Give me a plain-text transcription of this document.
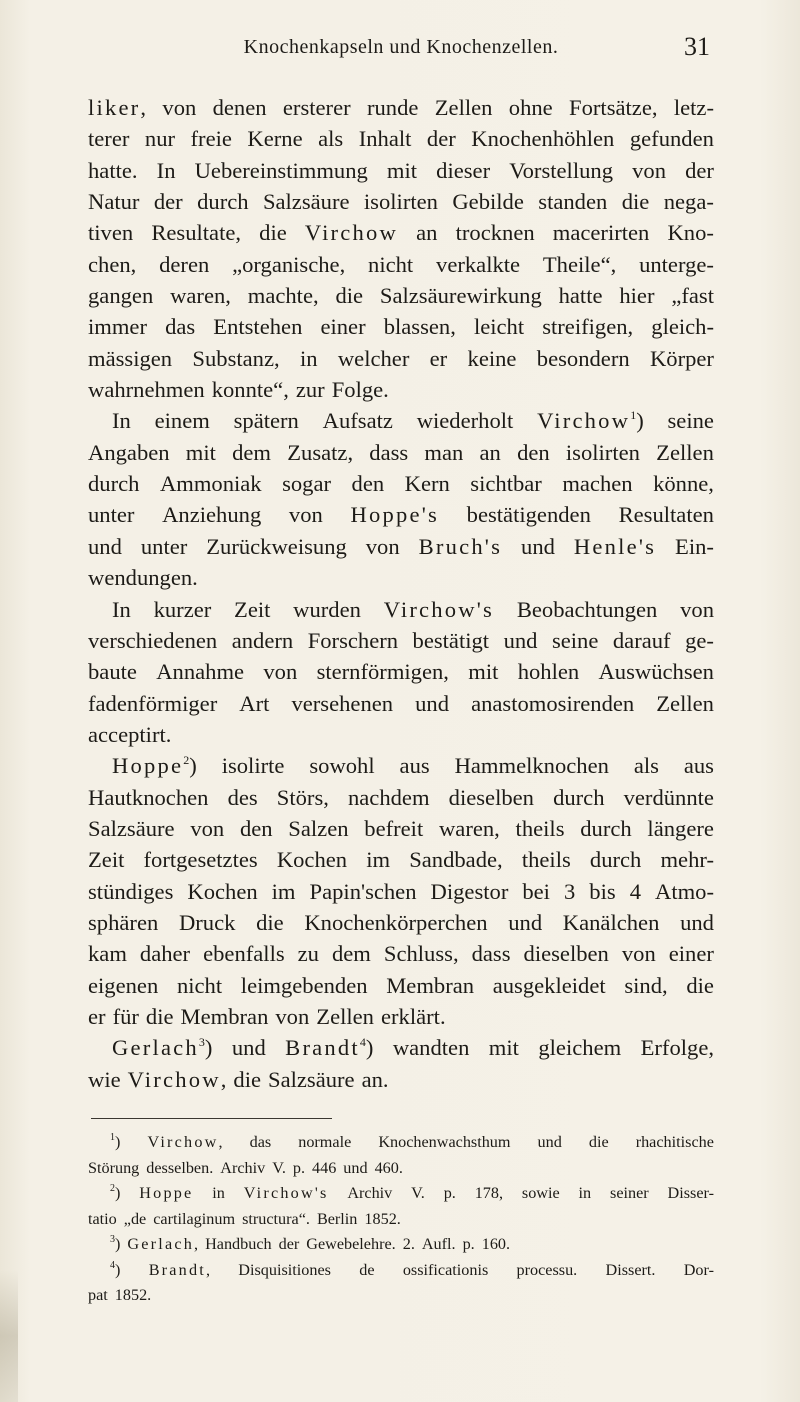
Knochenkapseln und Knochenzellen.	31
liker, von denen ersterer runde Zellen ohne Fortsätze, letz-
terer nur freie Kerne als Inhalt der Knochenhöhlen gefunden
hatte. In Uebereinstimmung mit dieser Vorstellung von der
Natur der durch Salzsäure isolirten Gebilde standen die nega-
tiven Resultate, die Virchow an trocknen macerirten Kno-
chen, deren „organische, nicht verkalkte Theile“, unterge-
gangen waren, machte, die Salzsäurewirkung hatte hier „fast
immer das Entstehen einer blassen, leicht streifigen, gleich-
mässigen Substanz, in welcher er keine besondern Körper
wahrnehmen konnte“, zur Folge.
In einem spätern Aufsatz wiederholt Virchow$^1$) seine
Angaben mit dem Zusatz, dass man an den isolirten Zellen
durch Ammoniak sogar den Kern sichtbar machen könne,
unter Anziehung von Hoppe's bestätigenden Resultaten
und unter Zurückweisung von Bruch's und Henle's Ein-
wendungen.
In kurzer Zeit wurden Virchow's Beobachtungen von
verschiedenen andern Forschern bestätigt und seine darauf ge-
baute Annahme von sternförmigen, mit hohlen Auswüchsen
fadenförmiger Art versehenen und anastomosirenden Zellen
acceptirt.
Hoppe$^2$) isolirte sowohl aus Hammelknochen als aus
Hautknochen des Störs, nachdem dieselben durch verdünnte
Salzsäure von den Salzen befreit waren, theils durch längere
Zeit fortgesetztes Kochen im Sandbade, theils durch mehr-
stündiges Kochen im Papin'schen Digestor bei 3 bis 4 Atmo-
sphären Druck die Knochenkörperchen und Kanälchen und
kam daher ebenfalls zu dem Schluss, dass dieselben von einer
eigenen nicht leimgebenden Membran ausgekleidet sind, die
er für die Membran von Zellen erklärt.
Gerlach$^3$) und Brandt$^4$) wandten mit gleichem Erfolge,
wie Virchow, die Salzsäure an.
$^1$) Virchow, das normale Knochenwachsthum und die rhachitische
Störung desselben. Archiv V. p. 446 und 460.
$^2$) Hoppe in Virchow's Archiv V. p. 178, sowie in seiner Disser-
tatio „de cartilaginum structura“. Berlin 1852.
$^3$) Gerlach, Handbuch der Gewebelehre. 2. Aufl. p. 160.
$^4$) Brandt, Disquisitiones de ossificationis processu. Dissert. Dor-
pat 1852.
